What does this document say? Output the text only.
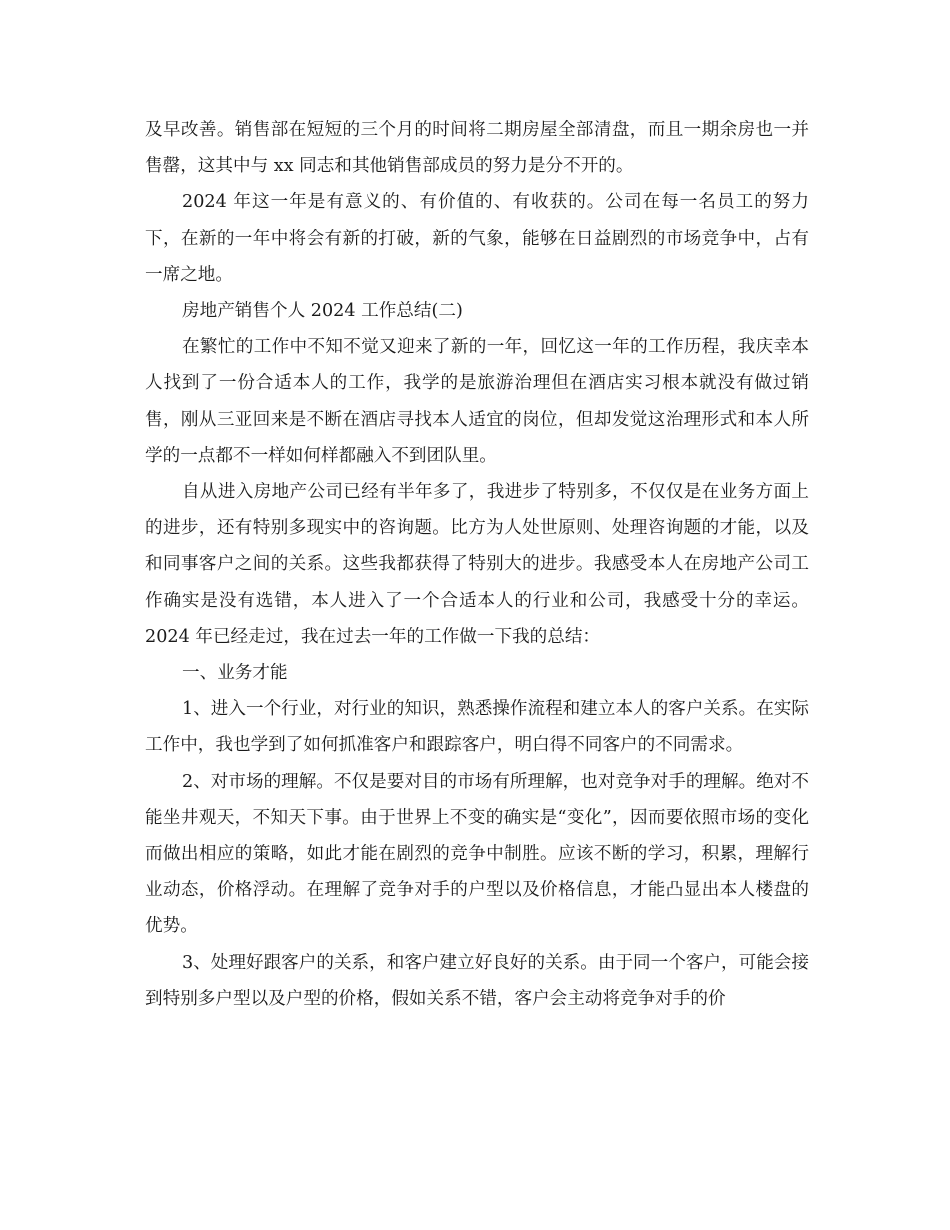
及早改善。销售部在短短的三个月的时间将二期房屋全部清盘，而且一期余房也一并售罄，这其中与 xx 同志和其他销售部成员的努力是分不开的。

2024 年这一年是有意义的、有价值的、有收获的。公司在每一名员工的努力下，在新的一年中将会有新的打破，新的气象，能够在日益剧烈的市场竞争中，占有一席之地。

房地产销售个人 2024 工作总结(二)

在繁忙的工作中不知不觉又迎来了新的一年，回忆这一年的工作历程，我庆幸本人找到了一份合适本人的工作，我学的是旅游治理但在酒店实习根本就没有做过销售，刚从三亚回来是不断在酒店寻找本人适宜的岗位，但却发觉这治理形式和本人所学的一点都不一样如何样都融入不到团队里。

自从进入房地产公司已经有半年多了，我进步了特别多，不仅仅是在业务方面上的进步，还有特别多现实中的咨询题。比方为人处世原则、处理咨询题的才能，以及和同事客户之间的关系。这些我都获得了特别大的进步。我感受本人在房地产公司工作确实是没有选错，本人进入了一个合适本人的行业和公司，我感受十分的幸运。2024 年已经走过，我在过去一年的工作做一下我的总结：

一、业务才能

1、进入一个行业，对行业的知识，熟悉操作流程和建立本人的客户关系。在实际工作中，我也学到了如何抓准客户和跟踪客户，明白得不同客户的不同需求。

2、对市场的理解。不仅是要对目的市场有所理解，也对竞争对手的理解。绝对不能坐井观天，不知天下事。由于世界上不变的确实是“变化”，因而要依照市场的变化而做出相应的策略，如此才能在剧烈的竞争中制胜。应该不断的学习，积累，理解行业动态，价格浮动。在理解了竞争对手的户型以及价格信息，才能凸显出本人楼盘的优势。

3、处理好跟客户的关系，和客户建立好良好的关系。由于同一个客户，可能会接到特别多户型以及户型的价格，假如关系不错，客户会主动将竞争对手的价
